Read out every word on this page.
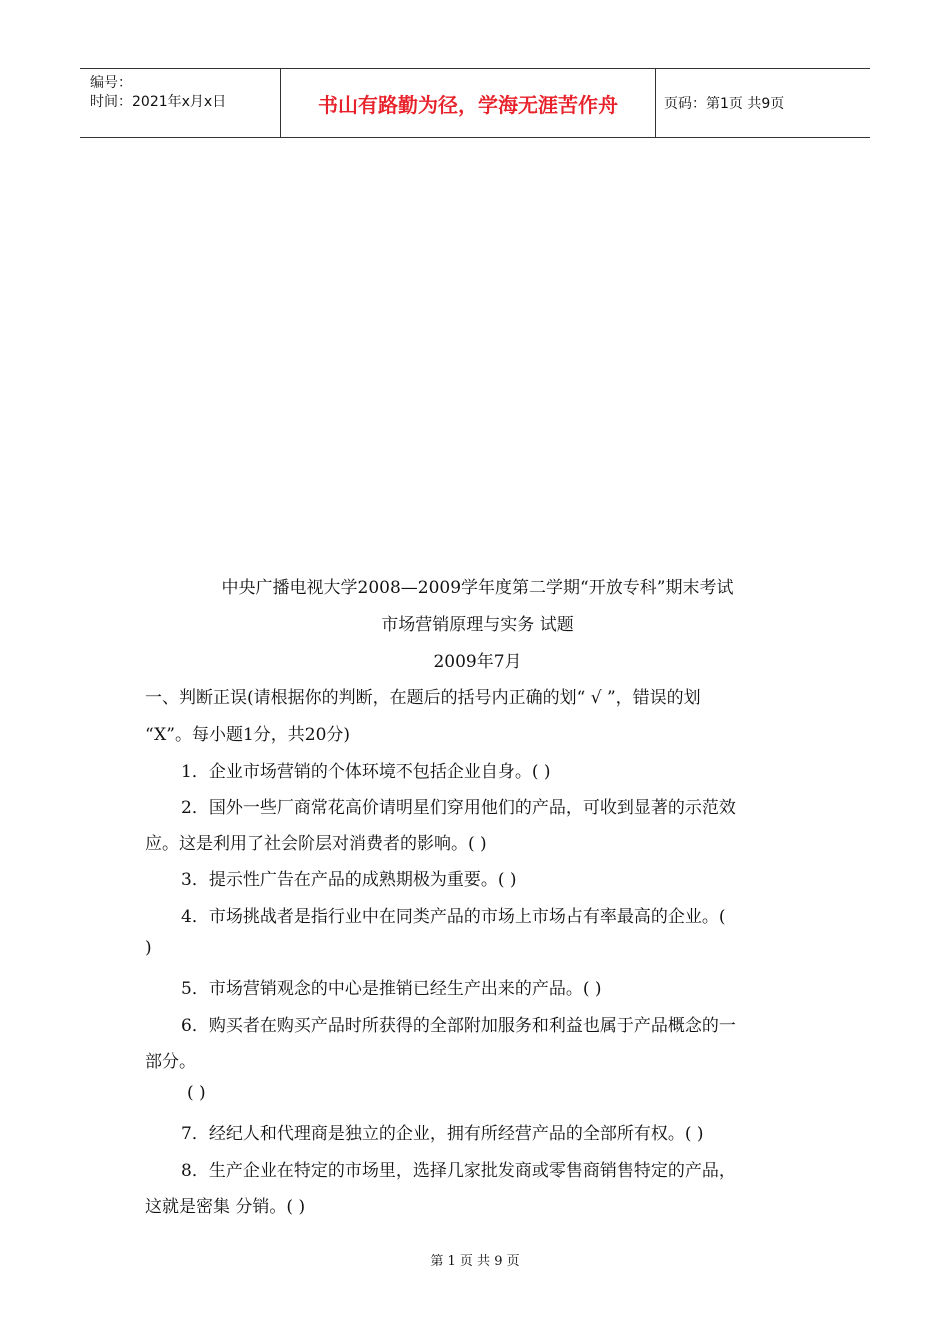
编号：
时间：2021年x月x日	书山有路勤为径，学海无涯苦作舟	页码：第1页 共9页
中央广播电视大学2008—2009学年度第二学期“开放专科”期末考试
市场营销原理与实务 试题
2009年7月
一、判断正误(请根据你的判断，在题后的括号内正确的划“ √ ”，错误的划
“X”。每小题1分，共20分)
1．企业市场营销的个体环境不包括企业自身。( )
2．国外一些厂商常花高价请明星们穿用他们的产品，可收到显著的示范效
应。这是利用了社会阶层对消费者的影响。( )
3．提示性广告在产品的成熟期极为重要。( )
4．市场挑战者是指行业中在同类产品的市场上市场占有率最高的企业。(
)
5．市场营销观念的中心是推销已经生产出来的产品。( )
6．购买者在购买产品时所获得的全部附加服务和利益也属于产品概念的一
部分。
( )
7．经纪人和代理商是独立的企业，拥有所经营产品的全部所有权。( )
8．生产企业在特定的市场里，选择几家批发商或零售商销售特定的产品，
这就是密集 分销。( )
第 1 页 共 9 页
